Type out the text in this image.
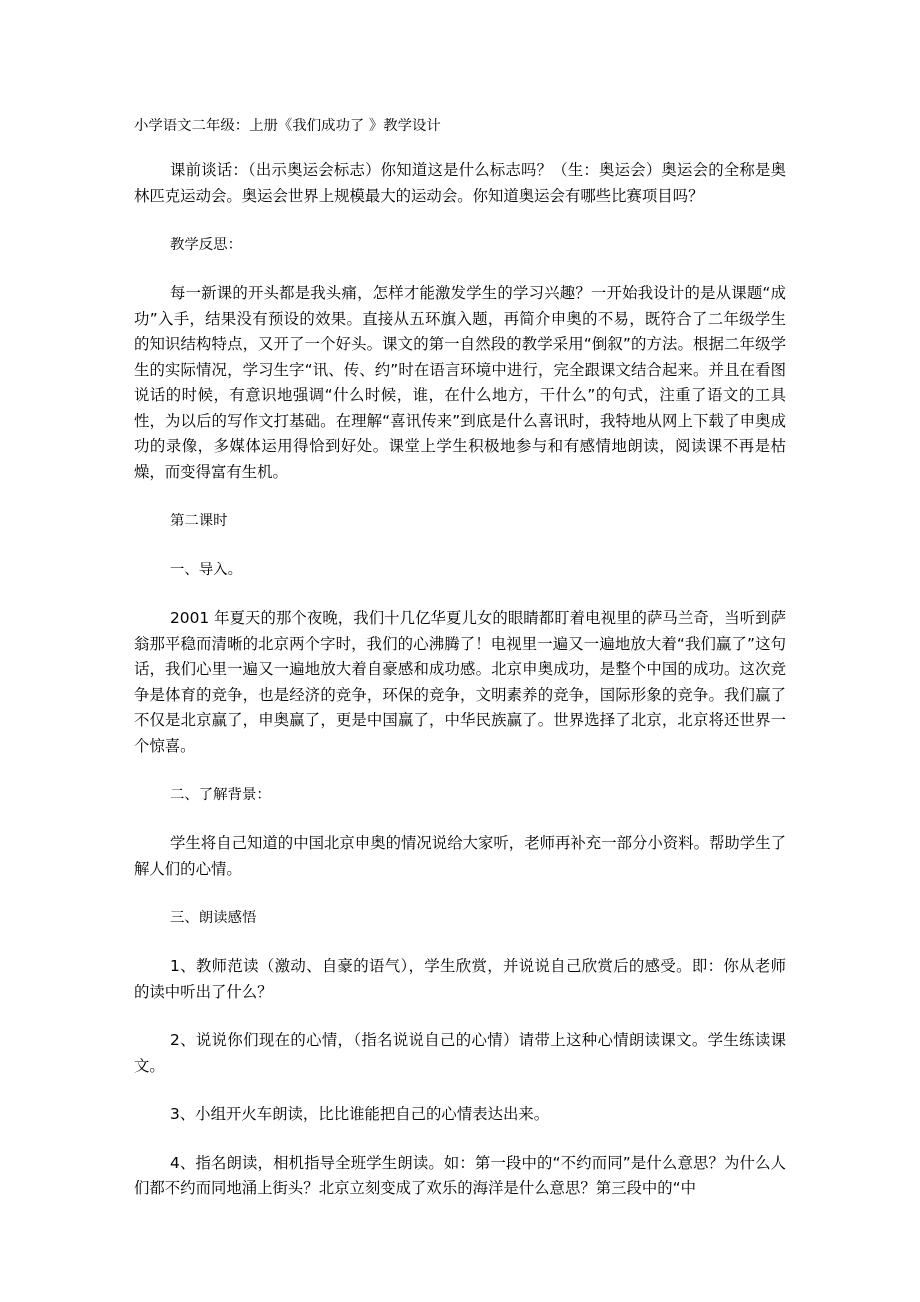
小学语文二年级：上册《我们成功了 》教学设计

课前谈话：（出示奥运会标志）你知道这是什么标志吗？（生：奥运会）奥运会的全称是奥林匹克运动会。奥运会世界上规模最大的运动会。你知道奥运会有哪些比赛项目吗？

教学反思：

每一新课的开头都是我头痛，怎样才能激发学生的学习兴趣？一开始我设计的是从课题“成功”入手，结果没有预设的效果。直接从五环旗入题，再简介申奥的不易，既符合了二年级学生的知识结构特点，又开了一个好头。课文的第一自然段的教学采用“倒叙”的方法。根据二年级学生的实际情况，学习生字“讯、传、约”时在语言环境中进行，完全跟课文结合起来。并且在看图说话的时候，有意识地强调“什么时候，谁，在什么地方，干什么”的句式，注重了语文的工具性，为以后的写作文打基础。在理解“喜讯传来”到底是什么喜讯时，我特地从网上下载了申奥成功的录像，多媒体运用得恰到好处。课堂上学生积极地参与和有感情地朗读，阅读课不再是枯燥，而变得富有生机。

第二课时

一、导入。

2001 年夏天的那个夜晚，我们十几亿华夏儿女的眼睛都盯着电视里的萨马兰奇，当听到萨翁那平稳而清晰的北京两个字时，我们的心沸腾了！电视里一遍又一遍地放大着“我们赢了”这句话，我们心里一遍又一遍地放大着自豪感和成功感。北京申奥成功，是整个中国的成功。这次竞争是体育的竞争，也是经济的竞争，环保的竞争，文明素养的竞争，国际形象的竞争。我们赢了不仅是北京赢了，申奥赢了，更是中国赢了，中华民族赢了。世界选择了北京，北京将还世界一个惊喜。

二、了解背景：

学生将自己知道的中国北京申奥的情况说给大家听，老师再补充一部分小资料。帮助学生了解人们的心情。

三、朗读感悟

1、教师范读（激动、自豪的语气），学生欣赏，并说说自己欣赏后的感受。即：你从老师的读中听出了什么？

2、说说你们现在的心情，（指名说说自己的心情）请带上这种心情朗读课文。学生练读课文。

3、小组开火车朗读，比比谁能把自己的心情表达出来。

4、指名朗读，相机指导全班学生朗读。如：第一段中的“不约而同”是什么意思？为什么人们都不约而同地涌上街头？北京立刻变成了欢乐的海洋是什么意思？第三段中的“中
